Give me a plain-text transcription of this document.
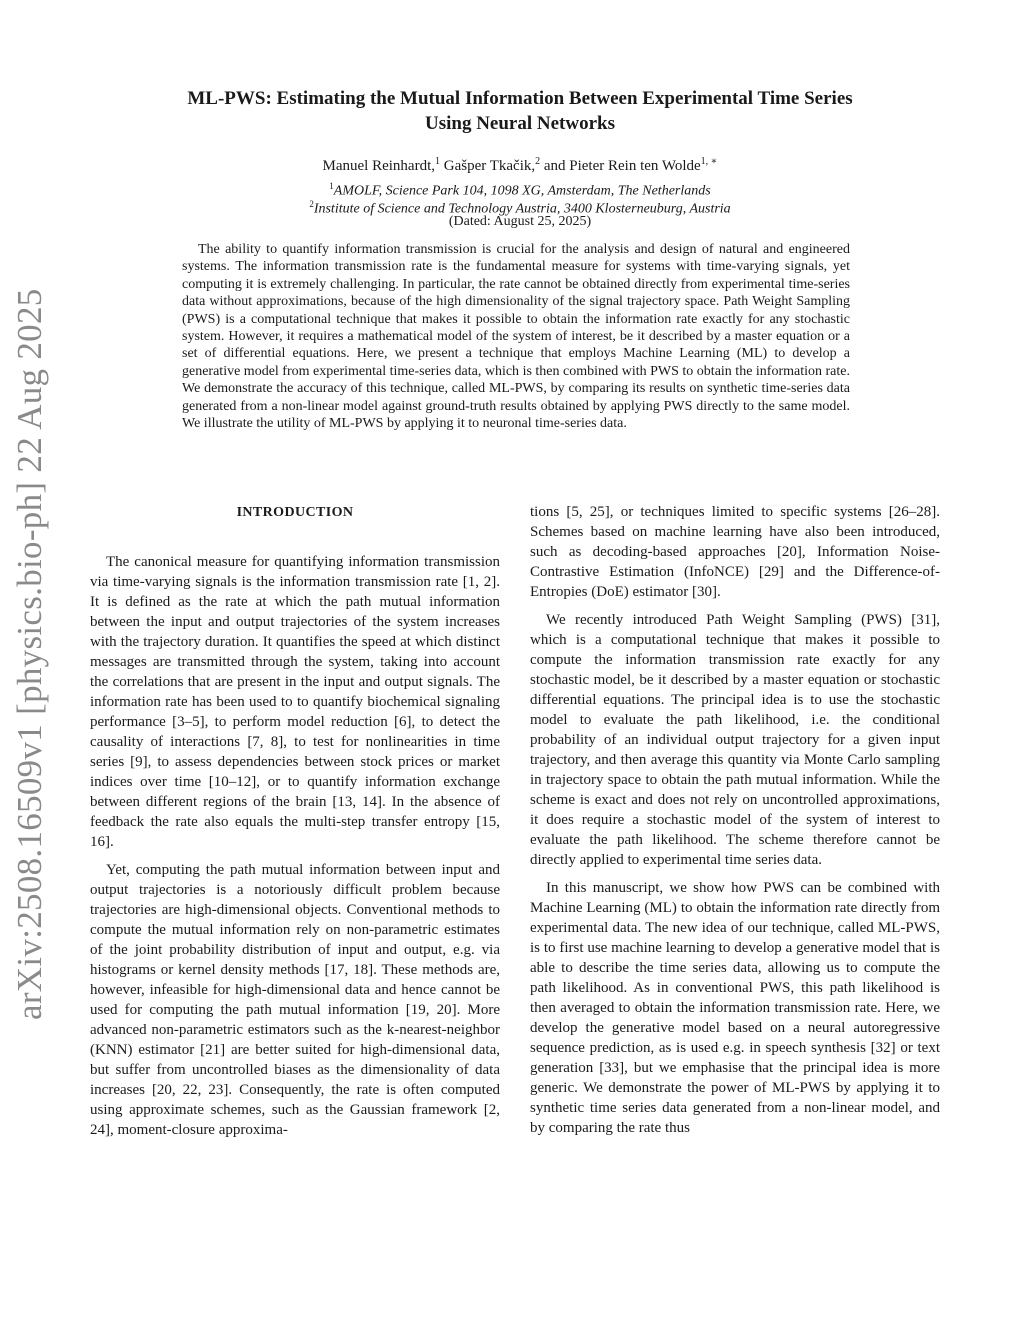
arXiv:2508.16509v1 [physics.bio-ph] 22 Aug 2025
ML-PWS: Estimating the Mutual Information Between Experimental Time Series
Using Neural Networks
Manuel Reinhardt,$^1$ Gašper Tkačik,$^2$ and Pieter Rein ten Wolde$^{1, ∗}$
$^1$AMOLF, Science Park 104, 1098 XG, Amsterdam, The Netherlands
$^2$Institute of Science and Technology Austria, 3400 Klosterneuburg, Austria
(Dated: August 25, 2025)
The ability to quantify information transmission is crucial for the analysis and design of natural and engineered systems. The information transmission rate is the fundamental measure for systems with time-varying signals, yet computing it is extremely challenging. In particular, the rate cannot be obtained directly from experimental time-series data without approximations, because of the high dimensionality of the signal trajectory space. Path Weight Sampling (PWS) is a computational technique that makes it possible to obtain the information rate exactly for any stochastic system. However, it requires a mathematical model of the system of interest, be it described by a master equation or a set of differential equations. Here, we present a technique that employs Machine Learning (ML) to develop a generative model from experimental time-series data, which is then combined with PWS to obtain the information rate. We demonstrate the accuracy of this technique, called ML-PWS, by comparing its results on synthetic time-series data generated from a non-linear model against ground-truth results obtained by applying PWS directly to the same model. We illustrate the utility of ML-PWS by applying it to neuronal time-series data.
INTRODUCTION

The canonical measure for quantifying information transmission via time-varying signals is the information transmission rate [1, 2]. It is defined as the rate at which the path mutual information between the input and output trajectories of the system increases with the trajectory duration. It quantifies the speed at which distinct messages are transmitted through the system, taking into account the correlations that are present in the input and output signals. The information rate has been used to to quantify biochemical signaling performance [3–5], to perform model reduction [6], to detect the causality of interactions [7, 8], to test for nonlinearities in time series [9], to assess dependencies between stock prices or market indices over time [10–12], or to quantify information exchange between different regions of the brain [13, 14]. In the absence of feedback the rate also equals the multi-step transfer entropy [15, 16].

Yet, computing the path mutual information between input and output trajectories is a notoriously difficult problem because trajectories are high-dimensional objects. Conventional methods to compute the mutual information rely on non-parametric estimates of the joint probability distribution of input and output, e.g. via histograms or kernel density methods [17, 18]. These methods are, however, infeasible for high-dimensional data and hence cannot be used for computing the path mutual information [19, 20]. More advanced non-parametric estimators such as the k-nearest-neighbor (KNN) estimator [21] are better suited for high-dimensional data, but suffer from uncontrolled biases as the dimensionality of data increases [20, 22, 23]. Consequently, the rate is often computed using approximate schemes, such as the Gaussian framework [2, 24], moment-closure approxima-

tions [5, 25], or techniques limited to specific systems [26–28]. Schemes based on machine learning have also been introduced, such as decoding-based approaches [20], Information Noise-Contrastive Estimation (InfoNCE) [29] and the Difference-of-Entropies (DoE) estimator [30].

We recently introduced Path Weight Sampling (PWS) [31], which is a computational technique that makes it possible to compute the information transmission rate exactly for any stochastic model, be it described by a master equation or stochastic differential equations. The principal idea is to use the stochastic model to evaluate the path likelihood, i.e. the conditional probability of an individual output trajectory for a given input trajectory, and then average this quantity via Monte Carlo sampling in trajectory space to obtain the path mutual information. While the scheme is exact and does not rely on uncontrolled approximations, it does require a stochastic model of the system of interest to evaluate the path likelihood. The scheme therefore cannot be directly applied to experimental time series data.

In this manuscript, we show how PWS can be combined with Machine Learning (ML) to obtain the information rate directly from experimental data. The new idea of our technique, called ML-PWS, is to first use machine learning to develop a generative model that is able to describe the time series data, allowing us to compute the path likelihood. As in conventional PWS, this path likelihood is then averaged to obtain the information transmission rate. Here, we develop the generative model based on a neural autoregressive sequence prediction, as is used e.g. in speech synthesis [32] or text generation [33], but we emphasise that the principal idea is more generic. We demonstrate the power of ML-PWS by applying it to synthetic time series data generated from a non-linear model, and by comparing the rate thus
